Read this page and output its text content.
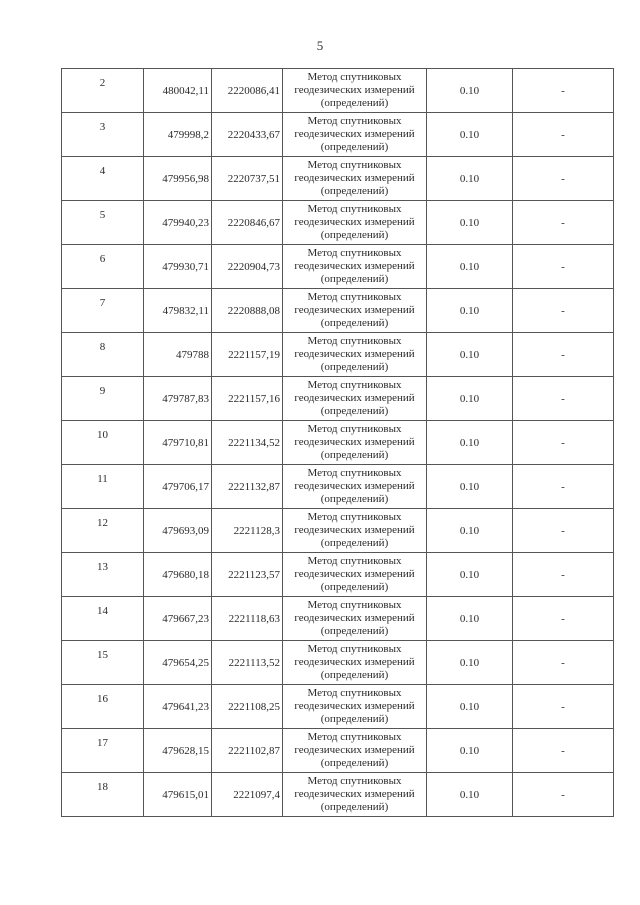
5
2	480042,11	2220086,41	Метод спутниковых
геодезических измерений
(определений)	0.10	-
3	479998,2	2220433,67	Метод спутниковых
геодезических измерений
(определений)	0.10	-
4	479956,98	2220737,51	Метод спутниковых
геодезических измерений
(определений)	0.10	-
5	479940,23	2220846,67	Метод спутниковых
геодезических измерений
(определений)	0.10	-
6	479930,71	2220904,73	Метод спутниковых
геодезических измерений
(определений)	0.10	-
7	479832,11	2220888,08	Метод спутниковых
геодезических измерений
(определений)	0.10	-
8	479788	2221157,19	Метод спутниковых
геодезических измерений
(определений)	0.10	-
9	479787,83	2221157,16	Метод спутниковых
геодезических измерений
(определений)	0.10	-
10	479710,81	2221134,52	Метод спутниковых
геодезических измерений
(определений)	0.10	-
11	479706,17	2221132,87	Метод спутниковых
геодезических измерений
(определений)	0.10	-
12	479693,09	2221128,3	Метод спутниковых
геодезических измерений
(определений)	0.10	-
13	479680,18	2221123,57	Метод спутниковых
геодезических измерений
(определений)	0.10	-
14	479667,23	2221118,63	Метод спутниковых
геодезических измерений
(определений)	0.10	-
15	479654,25	2221113,52	Метод спутниковых
геодезических измерений
(определений)	0.10	-
16	479641,23	2221108,25	Метод спутниковых
геодезических измерений
(определений)	0.10	-
17	479628,15	2221102,87	Метод спутниковых
геодезических измерений
(определений)	0.10	-
18	479615,01	2221097,4	Метод спутниковых
геодезических измерений
(определений)	0.10	-
